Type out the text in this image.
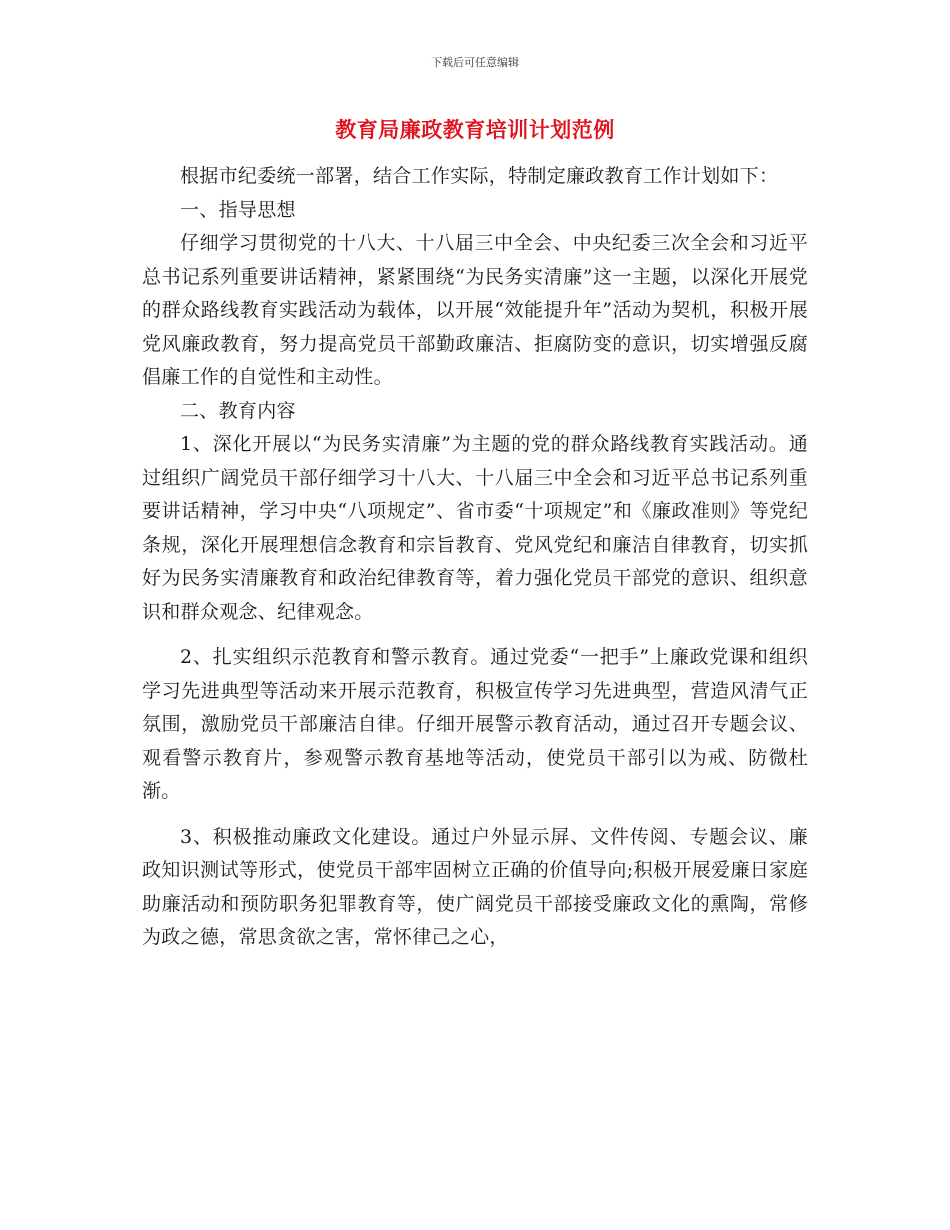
下载后可任意编辑
教育局廉政教育培训计划范例

根据市纪委统一部署，结合工作实际，特制定廉政教育工作计划如下：

一、指导思想

仔细学习贯彻党的十八大、十八届三中全会、中央纪委三次全会和习近平总书记系列重要讲话精神，紧紧围绕“为民务实清廉”这一主题，以深化开展党的群众路线教育实践活动为载体，以开展“效能提升年”活动为契机，积极开展党风廉政教育，努力提高党员干部勤政廉洁、拒腐防变的意识，切实增强反腐倡廉工作的自觉性和主动性。

二、教育内容

1、深化开展以“为民务实清廉”为主题的党的群众路线教育实践活动。通过组织广阔党员干部仔细学习十八大、十八届三中全会和习近平总书记系列重要讲话精神，学习中央“八项规定”、省市委“十项规定”和《廉政准则》等党纪条规，深化开展理想信念教育和宗旨教育、党风党纪和廉洁自律教育，切实抓好为民务实清廉教育和政治纪律教育等，着力强化党员干部党的意识、组织意识和群众观念、纪律观念。

2、扎实组织示范教育和警示教育。通过党委“一把手”上廉政党课和组织学习先进典型等活动来开展示范教育，积极宣传学习先进典型，营造风清气正氛围，激励党员干部廉洁自律。仔细开展警示教育活动，通过召开专题会议、观看警示教育片，参观警示教育基地等活动，使党员干部引以为戒、防微杜渐。

3、积极推动廉政文化建设。通过户外显示屏、文件传阅、专题会议、廉政知识测试等形式，使党员干部牢固树立正确的价值导向;积极开展爱廉日家庭助廉活动和预防职务犯罪教育等，使广阔党员干部接受廉政文化的熏陶，常修为政之德，常思贪欲之害，常怀律己之心，
